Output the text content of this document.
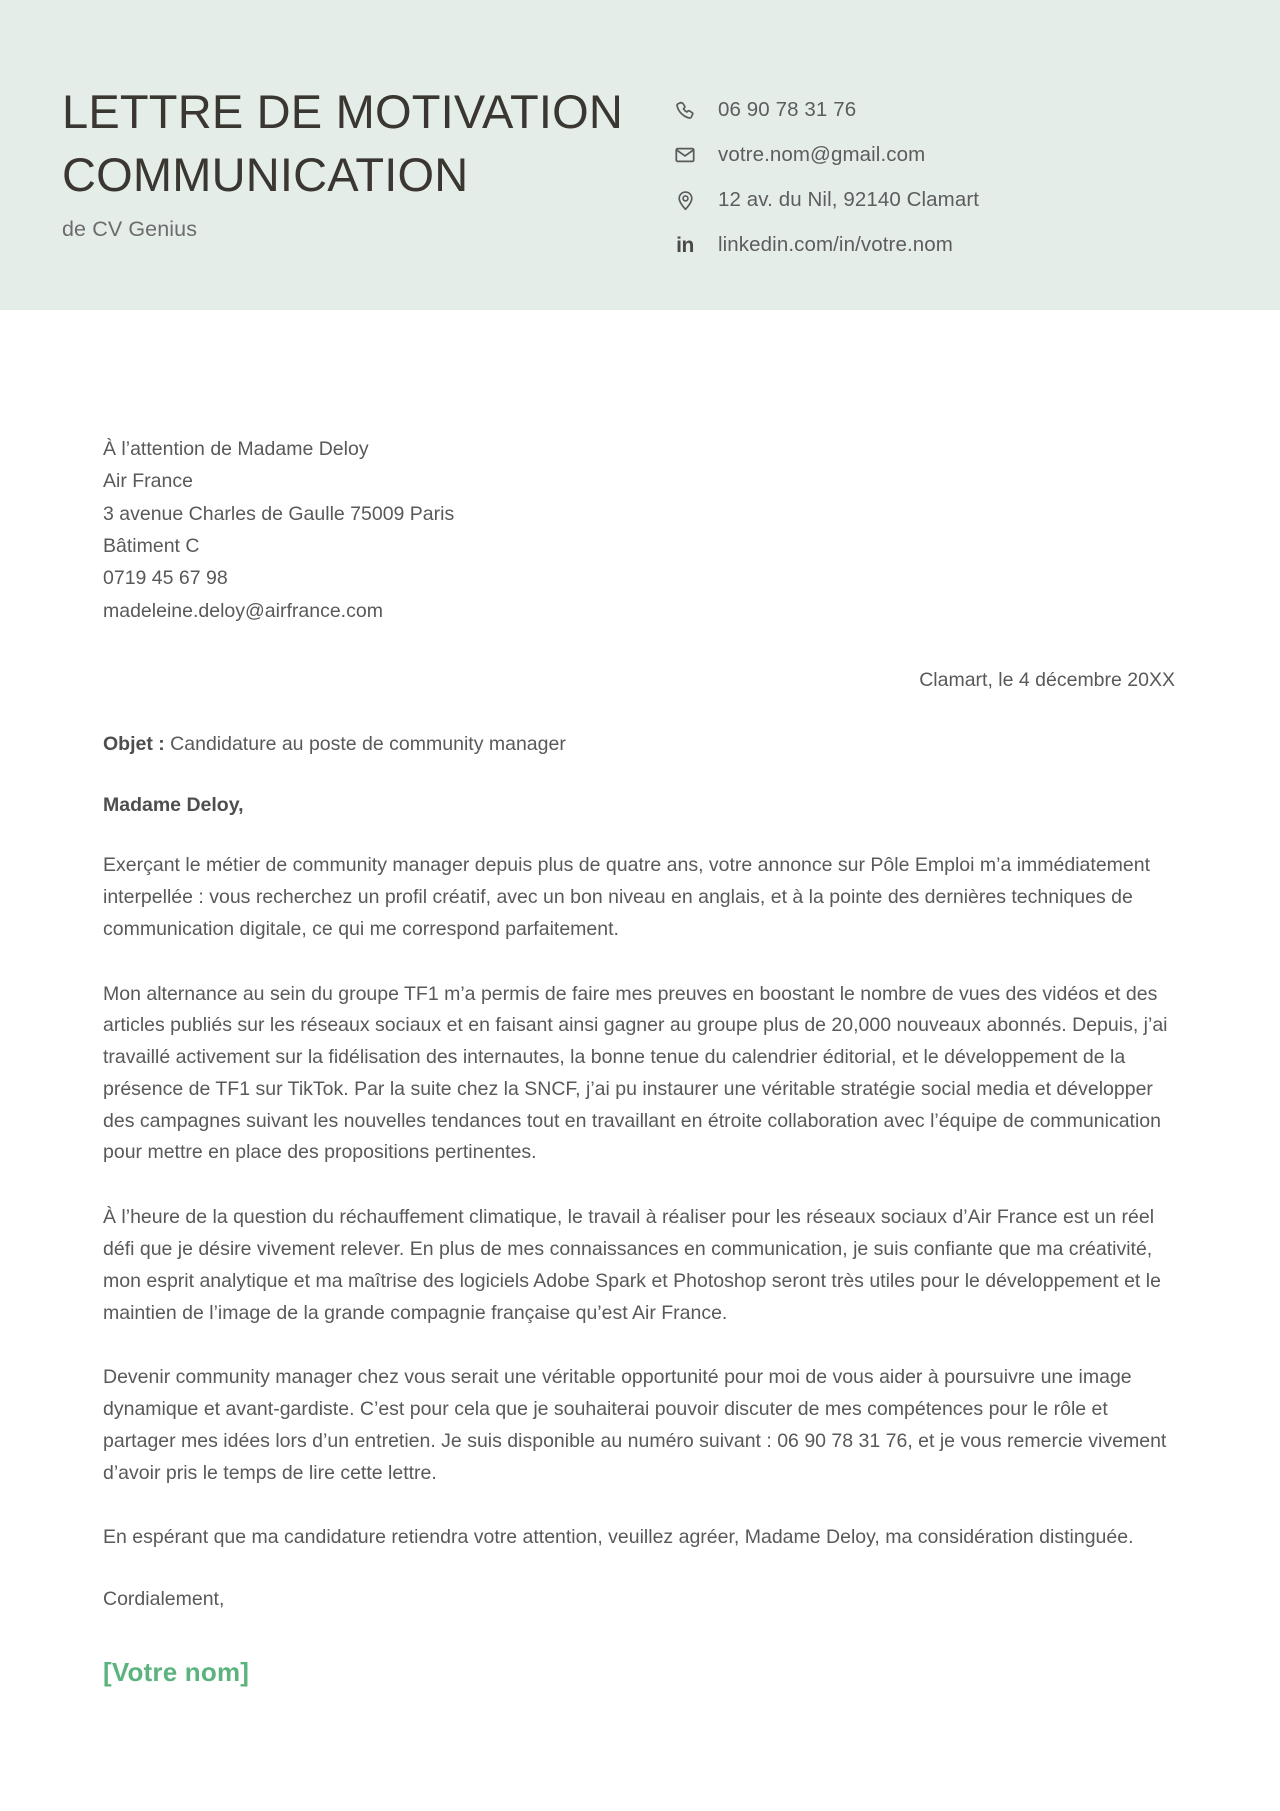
LETTRE DE MOTIVATION
COMMUNICATION
de CV Genius
06 90 78 31 76
votre.nom@gmail.com
12 av. du Nil, 92140 Clamart
in linkedin.com/in/votre.nom
À l’attention de Madame Deloy
Air France
3 avenue Charles de Gaulle 75009 Paris
Bâtiment C
0719 45 67 98
madeleine.deloy@airfrance.com
Clamart, le 4 décembre 20XX
Objet : Candidature au poste de community manager
Madame Deloy,
Exerçant le métier de community manager depuis plus de quatre ans, votre annonce sur Pôle Emploi m’a immédiatement interpellée : vous recherchez un profil créatif, avec un bon niveau en anglais, et à la pointe des dernières techniques de communication digitale, ce qui me correspond parfaitement.
Mon alternance au sein du groupe TF1 m’a permis de faire mes preuves en boostant le nombre de vues des vidéos et des articles publiés sur les réseaux sociaux et en faisant ainsi gagner au groupe plus de 20,000 nouveaux abonnés. Depuis, j’ai travaillé activement sur la fidélisation des internautes, la bonne tenue du calendrier éditorial, et le développement de la présence de TF1 sur TikTok. Par la suite chez la SNCF, j’ai pu instaurer une véritable stratégie social media et développer des campagnes suivant les nouvelles tendances tout en travaillant en étroite collaboration avec l’équipe de communication pour mettre en place des propositions pertinentes.
À l’heure de la question du réchauffement climatique, le travail à réaliser pour les réseaux sociaux d’Air France est un réel défi que je désire vivement relever. En plus de mes connaissances en communication, je suis confiante que ma créativité, mon esprit analytique et ma maîtrise des logiciels Adobe Spark et Photoshop seront très utiles pour le développement et le maintien de l’image de la grande compagnie française qu’est Air France.
Devenir community manager chez vous serait une véritable opportunité pour moi de vous aider à poursuivre une image dynamique et avant-gardiste. C’est pour cela que je souhaiterai pouvoir discuter de mes compétences pour le rôle et partager mes idées lors d’un entretien. Je suis disponible au numéro suivant : 06 90 78 31 76, et je vous remercie vivement d’avoir pris le temps de lire cette lettre.
En espérant que ma candidature retiendra votre attention, veuillez agréer, Madame Deloy, ma considération distinguée.
Cordialement,
[Votre nom]
